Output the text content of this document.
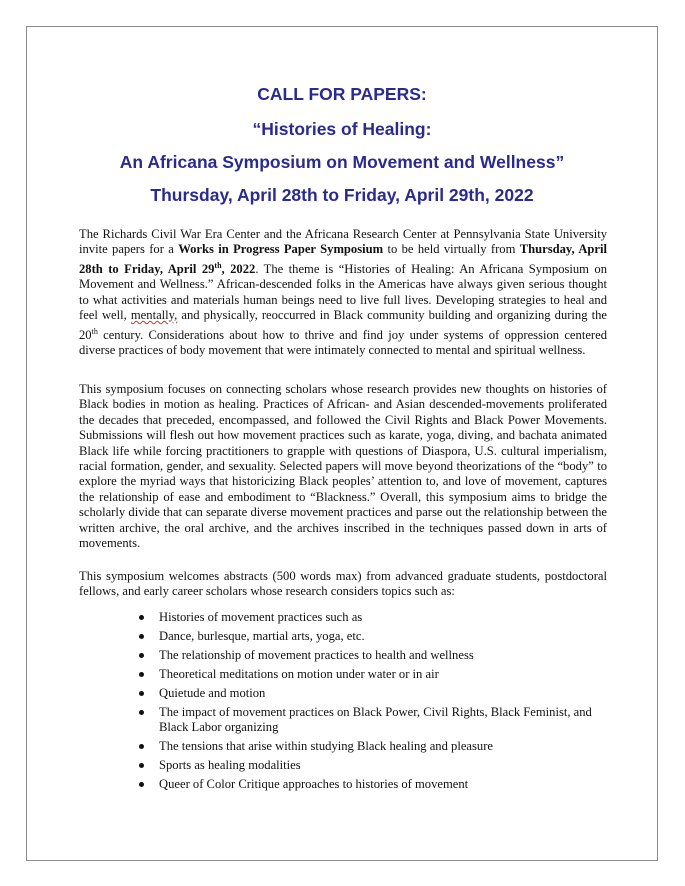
CALL FOR PAPERS:

“Histories of Healing:

An Africana Symposium on Movement and Wellness”

Thursday, April 28th to Friday, April 29th, 2022

The Richards Civil War Era Center and the Africana Research Center at Pennsylvania State University invite papers for a Works in Progress Paper Symposium to be held virtually from Thursday, April 28th to Friday, April 29th, 2022. The theme is “Histories of Healing: An Africana Symposium on Movement and Wellness.” African-descended folks in the Americas have always given serious thought to what activities and materials human beings need to live full lives. Developing strategies to heal and feel well, mentally, and physically, reoccurred in Black community building and organizing during the 20th century. Considerations about how to thrive and find joy under systems of oppression centered diverse practices of body movement that were intimately connected to mental and spiritual wellness.

This symposium focuses on connecting scholars whose research provides new thoughts on histories of Black bodies in motion as healing. Practices of African- and Asian descended-movements proliferated the decades that preceded, encompassed, and followed the Civil Rights and Black Power Movements. Submissions will flesh out how movement practices such as karate, yoga, diving, and bachata animated Black life while forcing practitioners to grapple with questions of Diaspora, U.S. cultural imperialism, racial formation, gender, and sexuality. Selected papers will move beyond theorizations of the “body” to explore the myriad ways that historicizing Black peoples’ attention to, and love of movement, captures the relationship of ease and embodiment to “Blackness.” Overall, this symposium aims to bridge the scholarly divide that can separate diverse movement practices and parse out the relationship between the written archive, the oral archive, and the archives inscribed in the techniques passed down in arts of movements.

This symposium welcomes abstracts (500 words max) from advanced graduate students, postdoctoral fellows, and early career scholars whose research considers topics such as:

Histories of movement practices such as
Dance, burlesque, martial arts, yoga, etc.
The relationship of movement practices to health and wellness
Theoretical meditations on motion under water or in air
Quietude and motion
The impact of movement practices on Black Power, Civil Rights, Black Feminist, and Black Labor organizing
The tensions that arise within studying Black healing and pleasure
Sports as healing modalities
Queer of Color Critique approaches to histories of movement
